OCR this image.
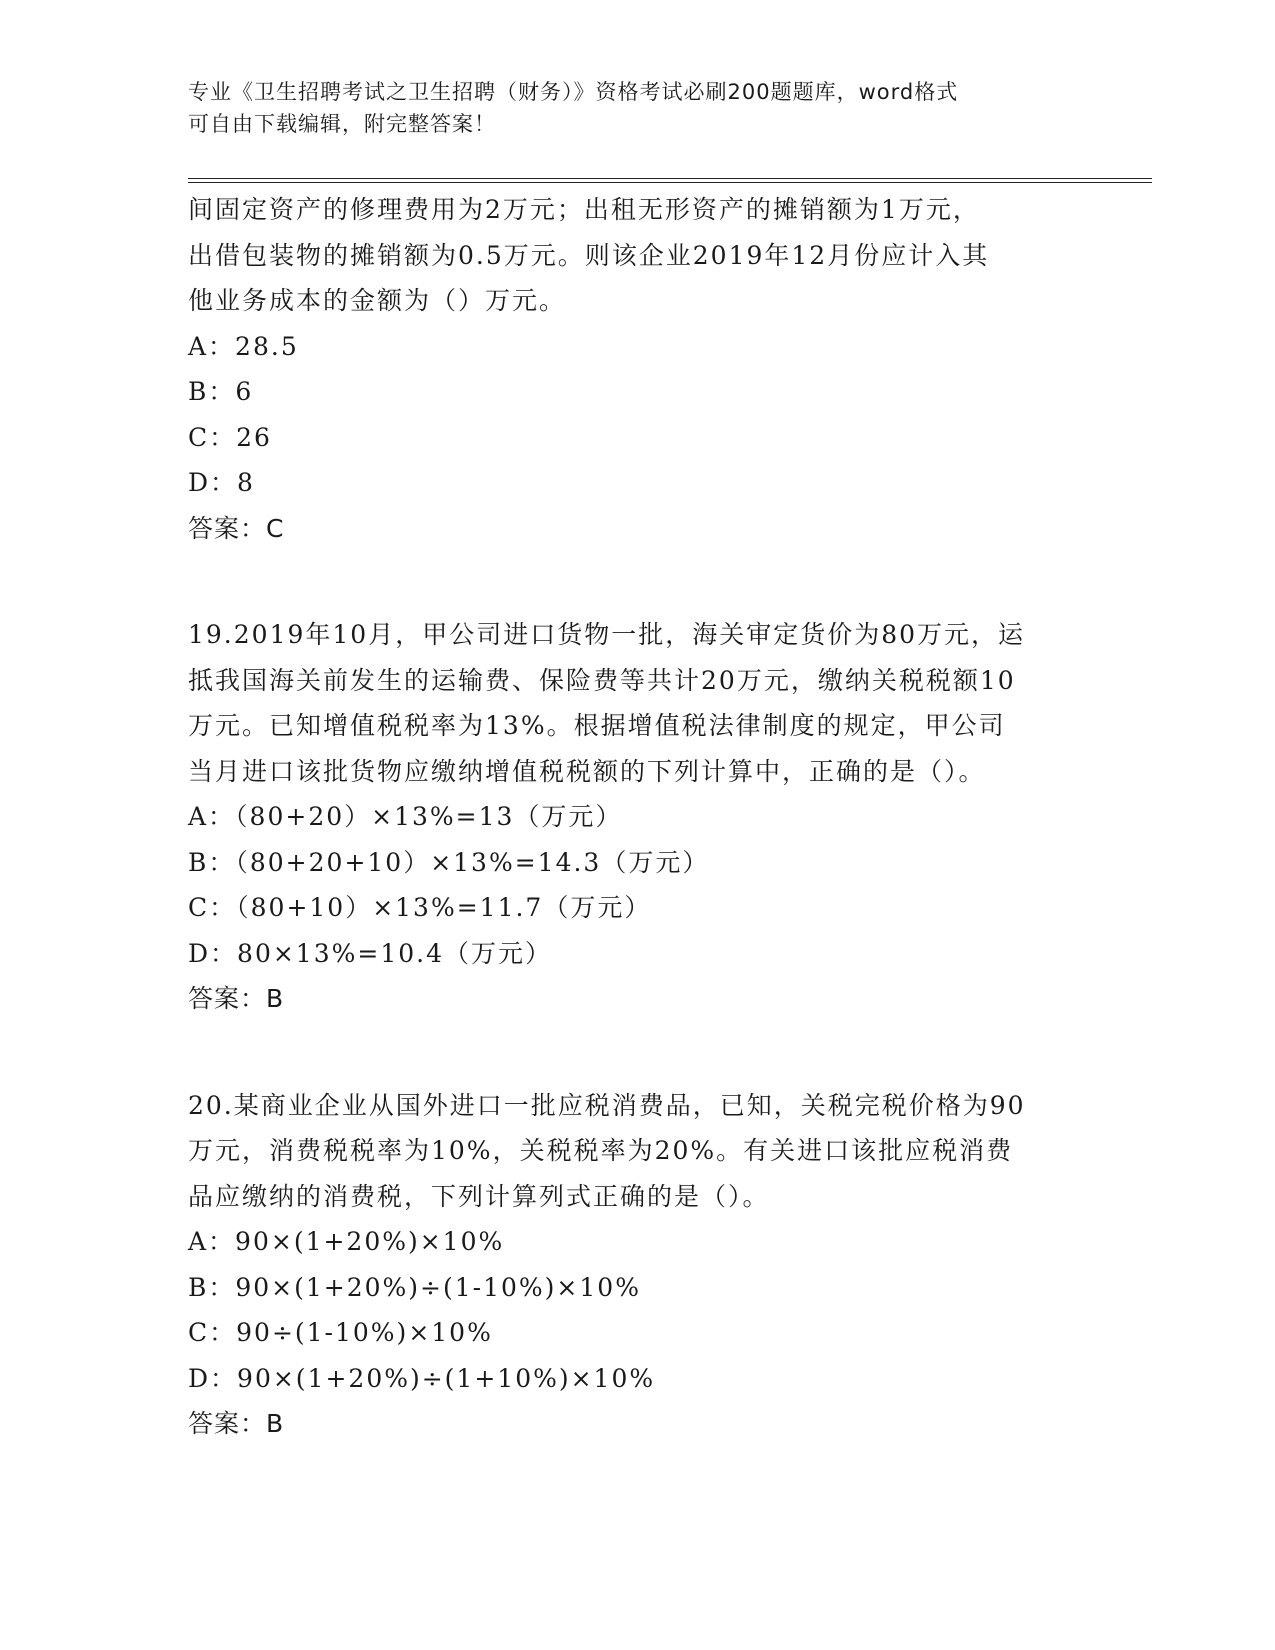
专业《卫生招聘考试之卫生招聘（财务）》资格考试必刷200题题库，word格式
可自由下载编辑，附完整答案！

间固定资产的修理费用为2万元；出租无形资产的摊销额为1万元，

出借包装物的摊销额为0.5万元。则该企业2019年12月份应计入其

他业务成本的金额为（）万元。

A：28.5

B：6

C：26

D：8

答案：C

19.2019年10月，甲公司进口货物一批，海关审定货价为80万元，运

抵我国海关前发生的运输费、保险费等共计20万元，缴纳关税税额10

万元。已知增值税税率为13%。根据增值税法律制度的规定，甲公司

当月进口该批货物应缴纳增值税税额的下列计算中，正确的是（）。

A：（80+20）×13%=13（万元）

B：（80+20+10）×13%=14.3（万元）

C：（80+10）×13%=11.7（万元）

D：80×13%=10.4（万元）

答案：B

20.某商业企业从国外进口一批应税消费品，已知，关税完税价格为90

万元，消费税税率为10%，关税税率为20%。有关进口该批应税消费

品应缴纳的消费税，下列计算列式正确的是（）。

A：90×(1+20%)×10%

B：90×(1+20%)÷(1-10%)×10%

C：90÷(1-10%)×10%

D：90×(1+20%)÷(1+10%)×10%

答案：B
